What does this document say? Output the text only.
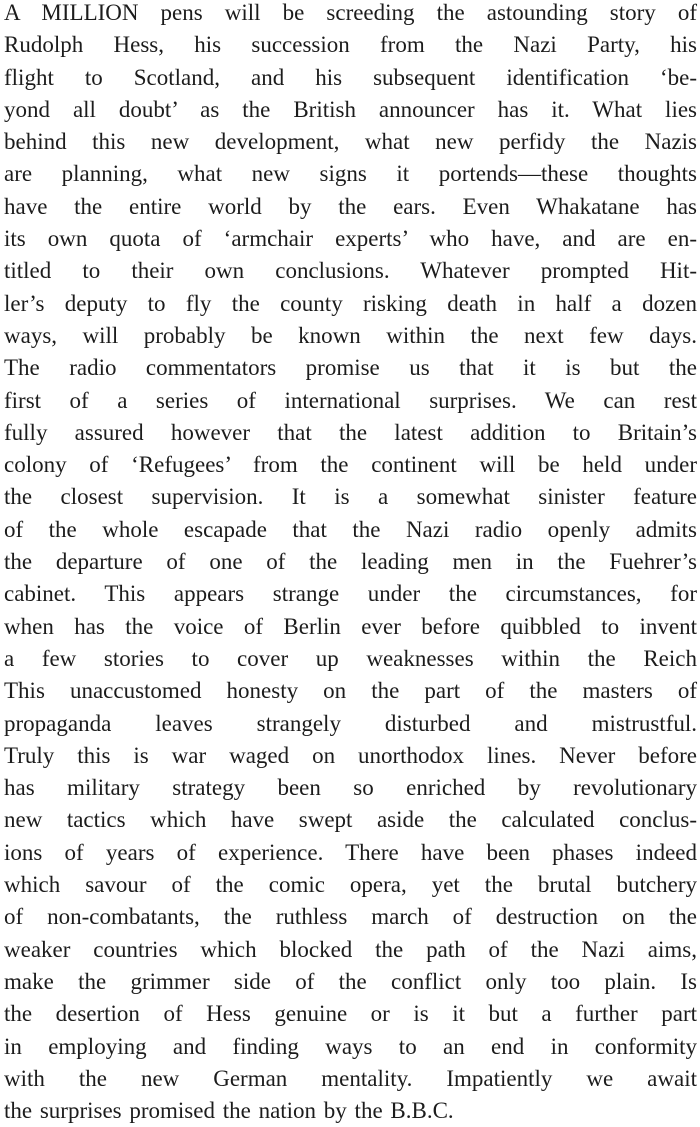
A MILLION pens will be screeding the astounding story of
Rudolph Hess, his succession from the Nazi Party, his
flight to Scotland, and his subsequent identification ‘be-
yond all doubt’ as the British announcer has it. What lies
behind this new development, what new perfidy the Nazis
are planning, what new signs it portends—these thoughts
have the entire world by the ears. Even Whakatane has
its own quota of ‘armchair experts’ who have, and are en-
titled to their own conclusions. Whatever prompted Hit-
ler’s deputy to fly the county risking death in half a dozen
ways, will probably be known within the next few days.
The radio commentators promise us that it is but the
first of a series of international surprises. We can rest
fully assured however that the latest addition to Britain’s
colony of ‘Refugees’ from the continent will be held under
the closest supervision. It is a somewhat sinister feature
of the whole escapade that the Nazi radio openly admits
the departure of one of the leading men in the Fuehrer’s
cabinet. This appears strange under the circumstances, for
when has the voice of Berlin ever before quibbled to invent
a few stories to cover up weaknesses within the Reich
This unaccustomed honesty on the part of the masters of
propaganda leaves strangely disturbed and mistrustful.
Truly this is war waged on unorthodox lines. Never before
has military strategy been so enriched by revolutionary
new tactics which have swept aside the calculated conclus-
ions of years of experience. There have been phases indeed
which savour of the comic opera, yet the brutal butchery
of non-combatants, the ruthless march of destruction on the
weaker countries which blocked the path of the Nazi aims,
make the grimmer side of the conflict only too plain. Is
the desertion of Hess genuine or is it but a further part
in employing and finding ways to an end in conformity
with the new German mentality. Impatiently we await
the surprises promised the nation by the B.B.C.
